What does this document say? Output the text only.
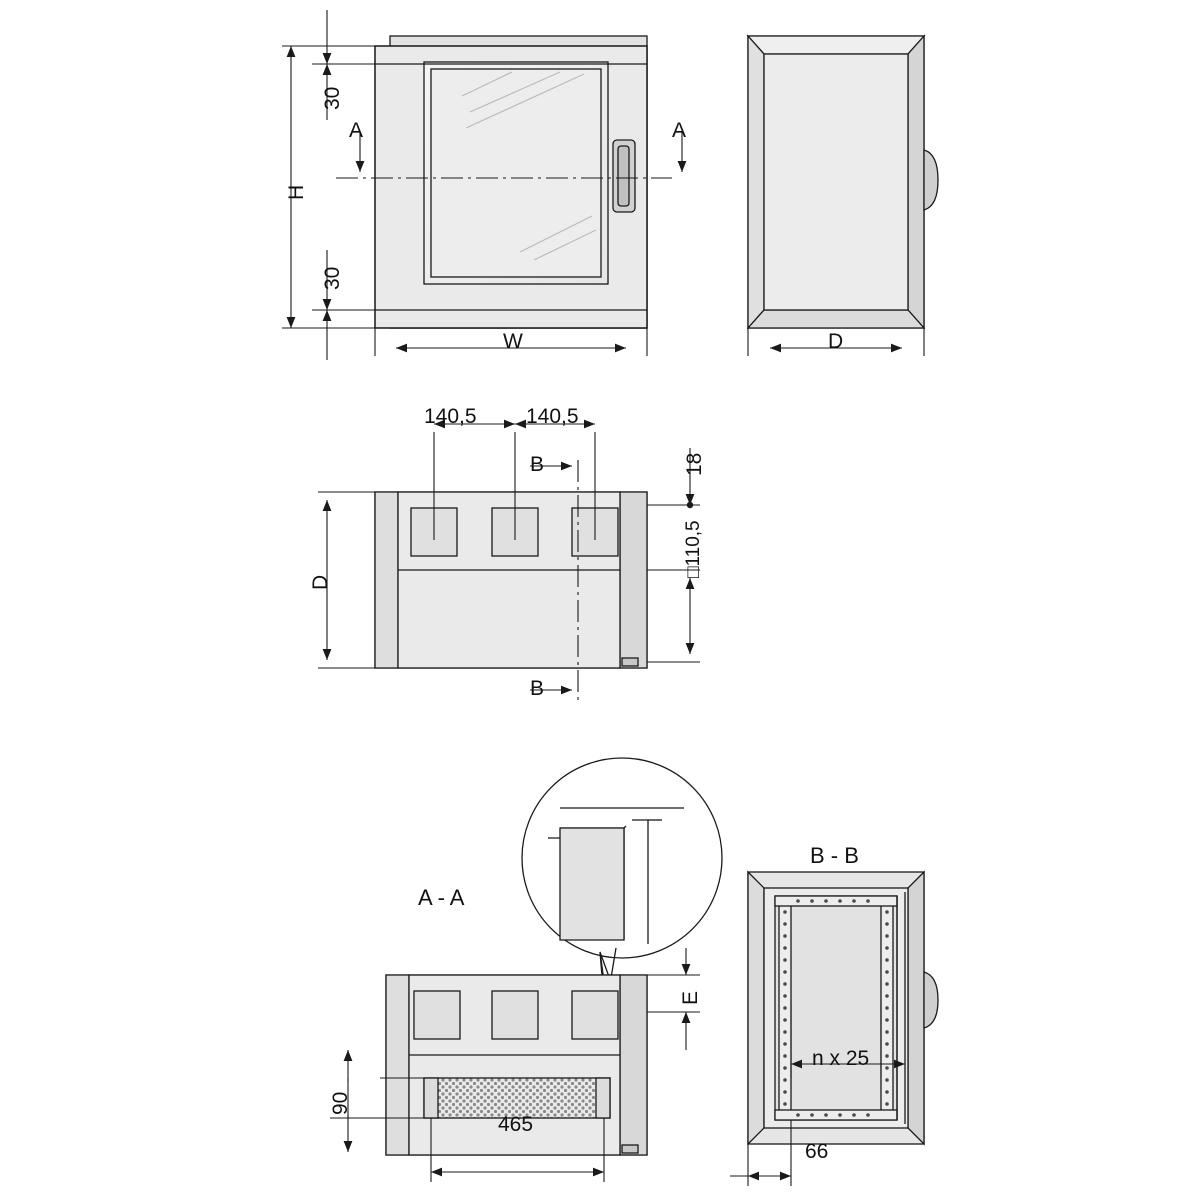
H
30
30
A	A
W	D
140,5 140,5
D
18
□110,5
B
B
A - A
E
90
465
B - B
n x 25
66
